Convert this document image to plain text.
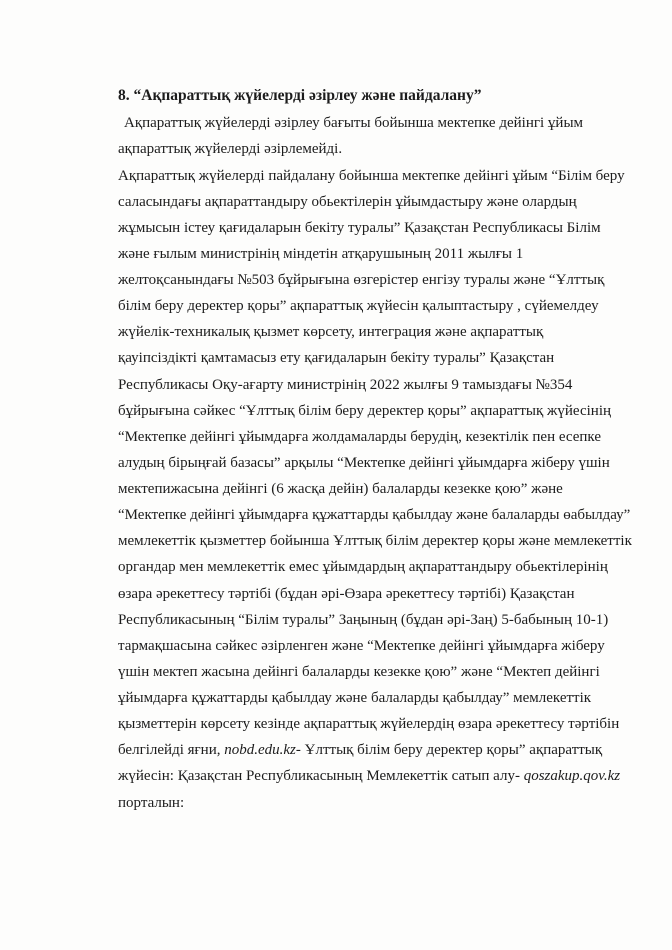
8. “Ақпараттық жүйелерді әзірлеу және пайдалану”
Ақпараттық жүйелерді әзірлеу бағыты бойынша мектепке дейінгі ұйым
ақпараттық жүйелерді әзірлемейді.
Ақпараттық жүйелерді пайдалану бойынша мектепке дейінгі ұйым “Білім беру
саласындағы ақпараттандыру обьектілерін ұйымдастыру және олардың
жұмысын істеу қағидаларын бекіту туралы” Қазақстан Республикасы Білім
және ғылым министрінің міндетін атқарушының 2011 жылғы 1
желтоқсанындағы №503 бұйрығына өзгерістер енгізу туралы және “Ұлттық
білім беру деректер қоры” ақпараттық жүйесін қалыптастыру , сүйемелдеу
жүйелік-техникалық қызмет көрсету, интеграция және ақпараттық
қауіпсіздікті қамтамасыз ету қағидаларын бекіту туралы” Қазақстан
Республикасы Оқу-ағарту министрінің 2022 жылғы 9 тамыздағы №354
бұйрығына сәйкес “Ұлттық білім беру деректер қоры” ақпараттық жүйесінің
“Мектепке дейінгі ұйымдарға жолдамаларды берудің, кезектілік пен есепке
алудың бірыңғай базасы” арқылы “Мектепке дейінгі ұйымдарға жіберу үшін
мектепижасына дейінгі (6 жасқа дейін) балаларды кезекке қою” және
“Мектепке дейінгі ұйымдарға құжаттарды қабылдау және балаларды өабылдау”
мемлекеттік қызметтер бойынша Ұлттық білім деректер қоры және мемлекеттік
органдар мен мемлекеттік емес ұйымдардың ақпараттандыру обьектілерінің
өзара әрекеттесу тәртібі (бұдан әрі-Өзара әрекеттесу тәртібі) Қазақстан
Республикасының “Білім туралы” Заңының (бұдан әрі-Заң) 5-бабының 10-1)
тармақшасына сәйкес әзірленген және “Мектепке дейінгі ұйымдарға жіберу
үшін мектеп жасына дейінгі балаларды кезекке қою” және “Мектеп дейінгі
ұйымдарға құжаттарды қабылдау және балаларды қабылдау” мемлекеттік
қызметтерін көрсету кезінде ақпараттық жүйелердің өзара әрекеттесу тәртібін
белгілейді яғни, nobd.edu.kz- Ұлттық білім беру деректер қоры” ақпараттық
жүйесін: Қазақстан Республикасының Мемлекеттік сатып алу- qoszakup.qov.kz
порталын:
